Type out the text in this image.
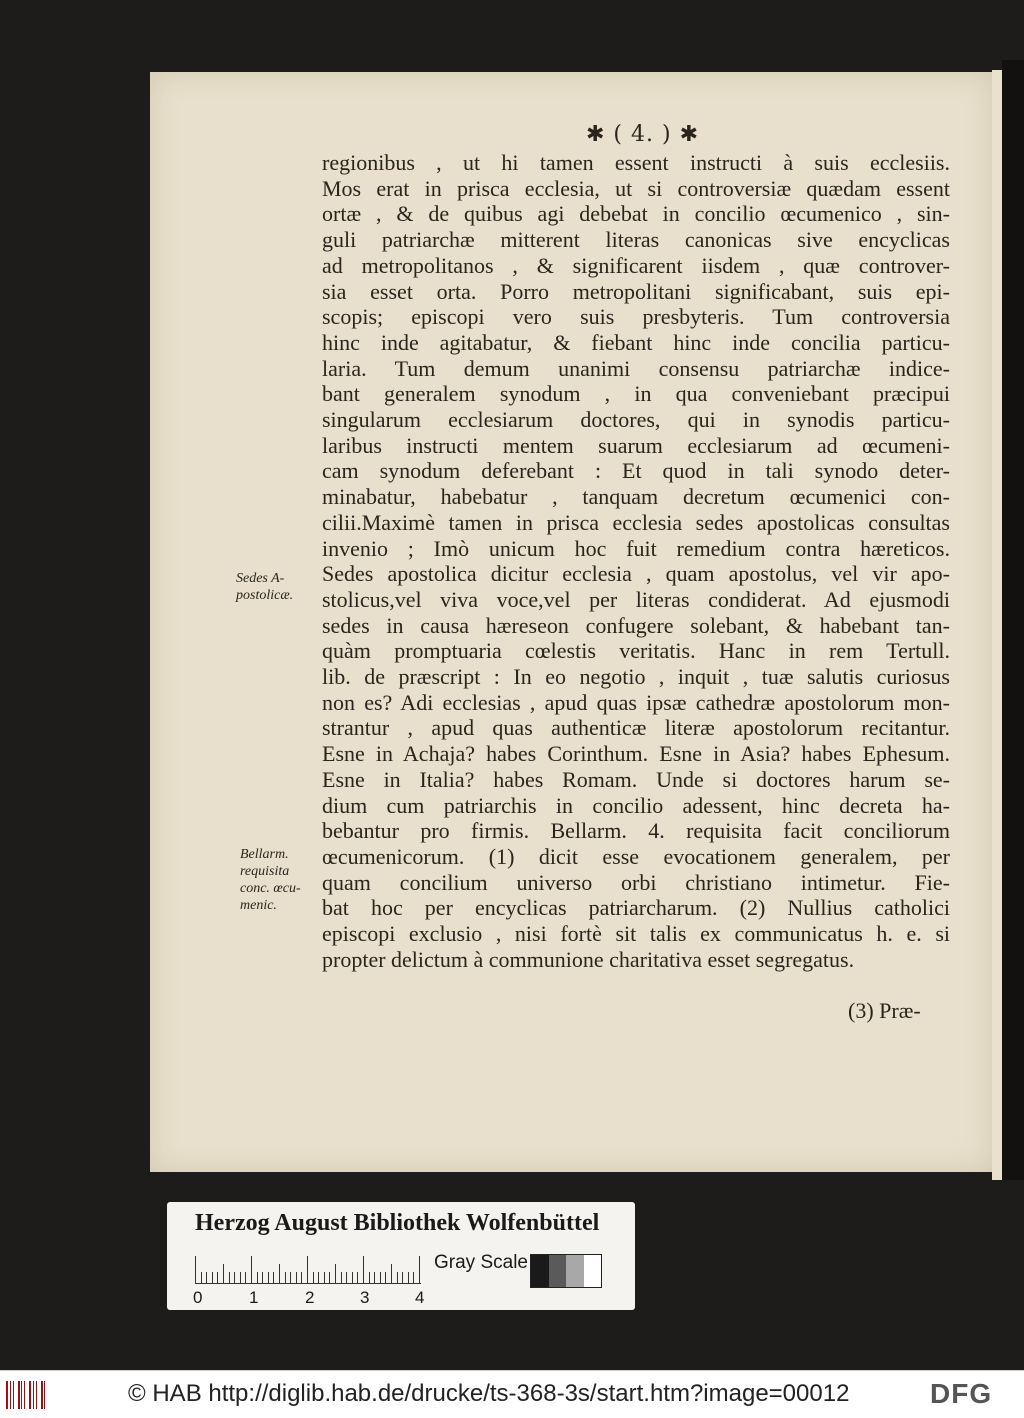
✱ ( 4. ) ✱
regionibus , ut hi tamen essent instructi à suis ecclesiis.
Mos erat in prisca ecclesia, ut si controversiæ quædam essent
ortæ , & de quibus agi debebat in concilio œcumenico , sin-
guli patriarchæ mitterent literas canonicas sive encyclicas
ad metropolitanos , & significarent iisdem , quæ controver-
sia esset orta. Porro metropolitani significabant, suis epi-
scopis; episcopi vero suis presbyteris. Tum controversia
hinc inde agitabatur, & fiebant hinc inde concilia particu-
laria. Tum demum unanimi consensu patriarchæ indice-
bant generalem synodum , in qua conveniebant præcipui
singularum ecclesiarum doctores, qui in synodis particu-
laribus instructi mentem suarum ecclesiarum ad œcumeni-
cam synodum deferebant : Et quod in tali synodo deter-
minabatur, habebatur , tanquam decretum œcumenici con-
cilii.Maximè tamen in prisca ecclesia sedes apostolicas consultas
invenio ; Imò unicum hoc fuit remedium contra hæreticos.
Sedes apostolica dicitur ecclesia , quam apostolus, vel vir apo-
stolicus,vel viva voce,vel per literas condiderat. Ad ejusmodi
sedes in causa hæreseon confugere solebant, & habebant tan-
quàm promptuaria cœlestis veritatis. Hanc in rem Tertull.
lib. de præscript : In eo negotio , inquit , tuæ salutis curiosus
non es? Adi ecclesias , apud quas ipsæ cathedræ apostolorum mon-
strantur , apud quas authenticæ literæ apostolorum recitantur.
Esne in Achaja? habes Corinthum. Esne in Asia? habes Ephesum.
Esne in Italia? habes Romam. Unde si doctores harum se-
dium cum patriarchis in concilio adessent, hinc decreta ha-
bebantur pro firmis. Bellarm. 4. requisita facit conciliorum
œcumenicorum. (1) dicit esse evocationem generalem, per
quam concilium universo orbi christiano intimetur. Fie-
bat hoc per encyclicas patriarcharum. (2) Nullius catholici
episcopi exclusio , nisi fortè sit talis ex communicatus h. e. si
propter delictum à communione charitativa esset segregatus.
(3) Præ-
Sedes A-
postolicæ.
Bellarm.
requisita
conc. œcu-
menic.
Herzog August Bibliothek Wolfenbüttel
0	1	2	3	4
Gray Scale
© HAB http://diglib.hab.de/drucke/ts-368-3s/start.htm?image=00012	DFG
